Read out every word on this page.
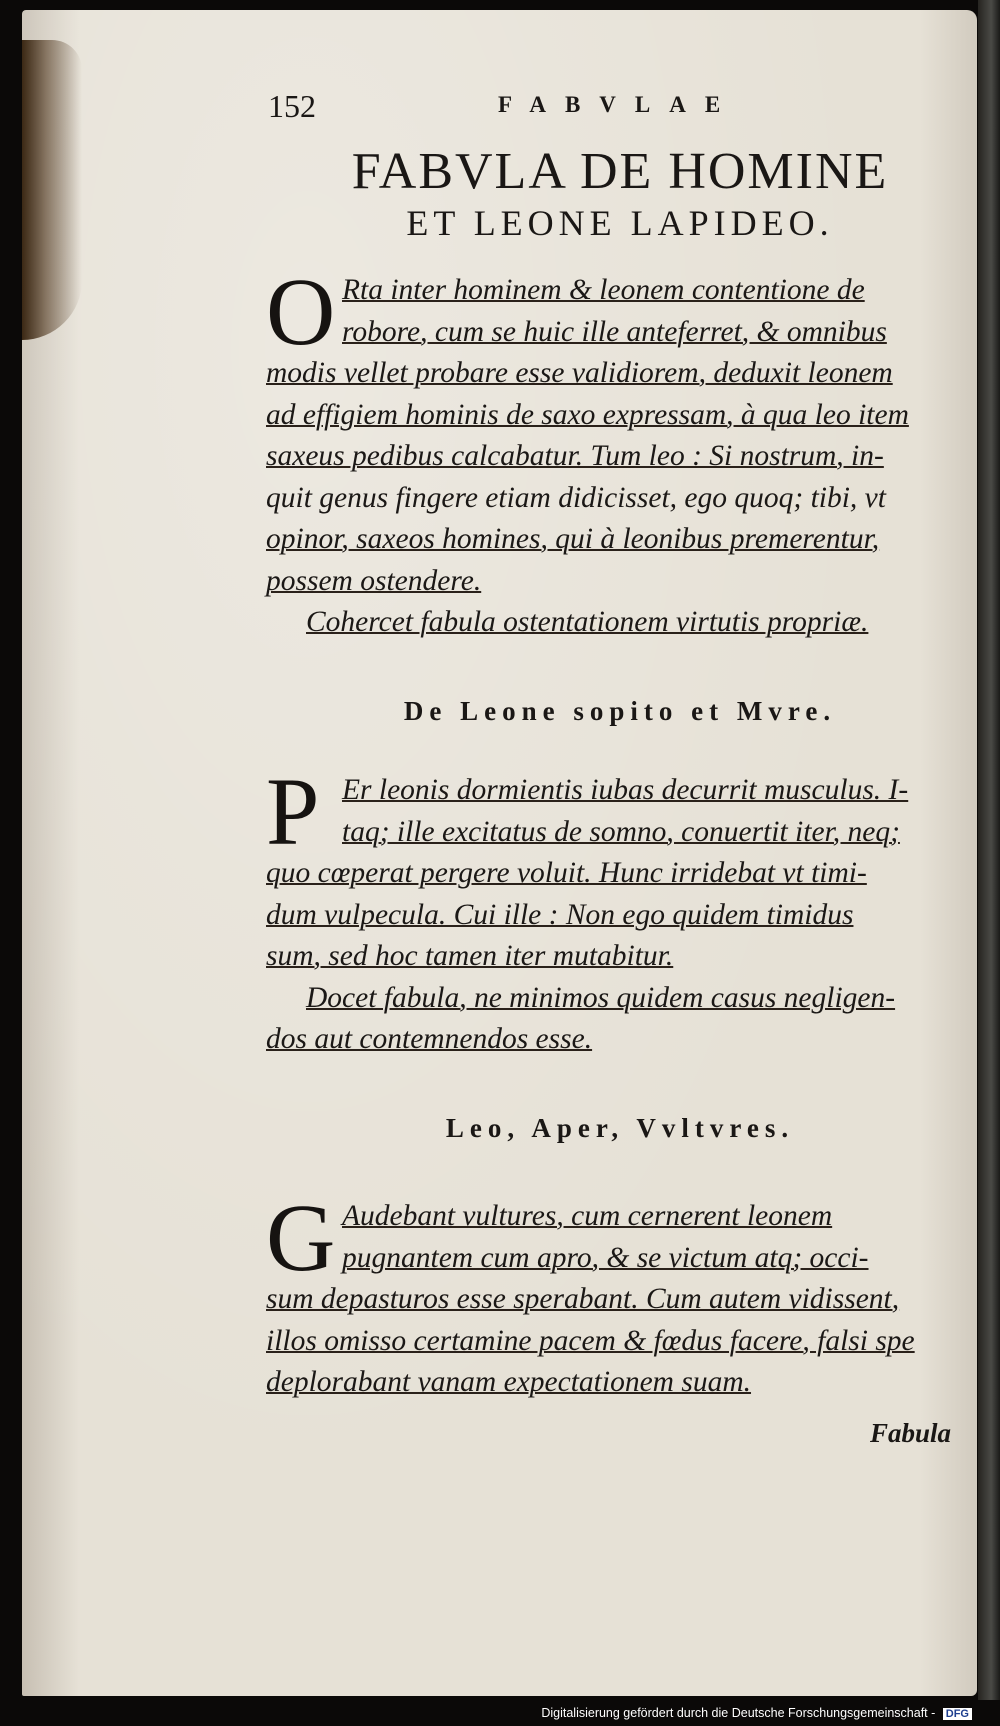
152	FABVLAE
FABVLA DE HOMINE
ET LEONE LAPIDEO.
O Rta inter hominem & leonem contentione de
robore, cum se huic ille anteferret, & omnibus
modis vellet probare esse validiorem, deduxit leonem
ad effigiem hominis de saxo expressam, à qua leo item
saxeus pedibus calcabatur. Tum leo : Si nostrum, in-
quit genus fingere etiam didicisset, ego quoq; tibi, vt
opinor, saxeos homines, qui à leonibus premerentur,
possem ostendere.
Cohercet fabula ostentationem virtutis propriæ.
De Leone sopito et Mvre.
P Er leonis dormientis iubas decurrit musculus. I-
taq; ille excitatus de somno, conuertit iter, neq;
quo cœperat pergere voluit. Hunc irridebat vt timi-
dum vulpecula. Cui ille : Non ego quidem timidus
sum, sed hoc tamen iter mutabitur.
Docet fabula, ne minimos quidem casus negligen-
dos aut contemnendos esse.
Leo, Aper, Vvltvres.
G Audebant vultures, cum cernerent leonem
pugnantem cum apro, & se victum atq; occi-
sum depasturos esse sperabant. Cum autem vidissent,
illos omisso certamine pacem & fœdus facere, falsi spe
deplorabant vanam expectationem suam.
Fabula
Digitalisierung gefördert durch die Deutsche Forschungsgemeinschaft - DFG
